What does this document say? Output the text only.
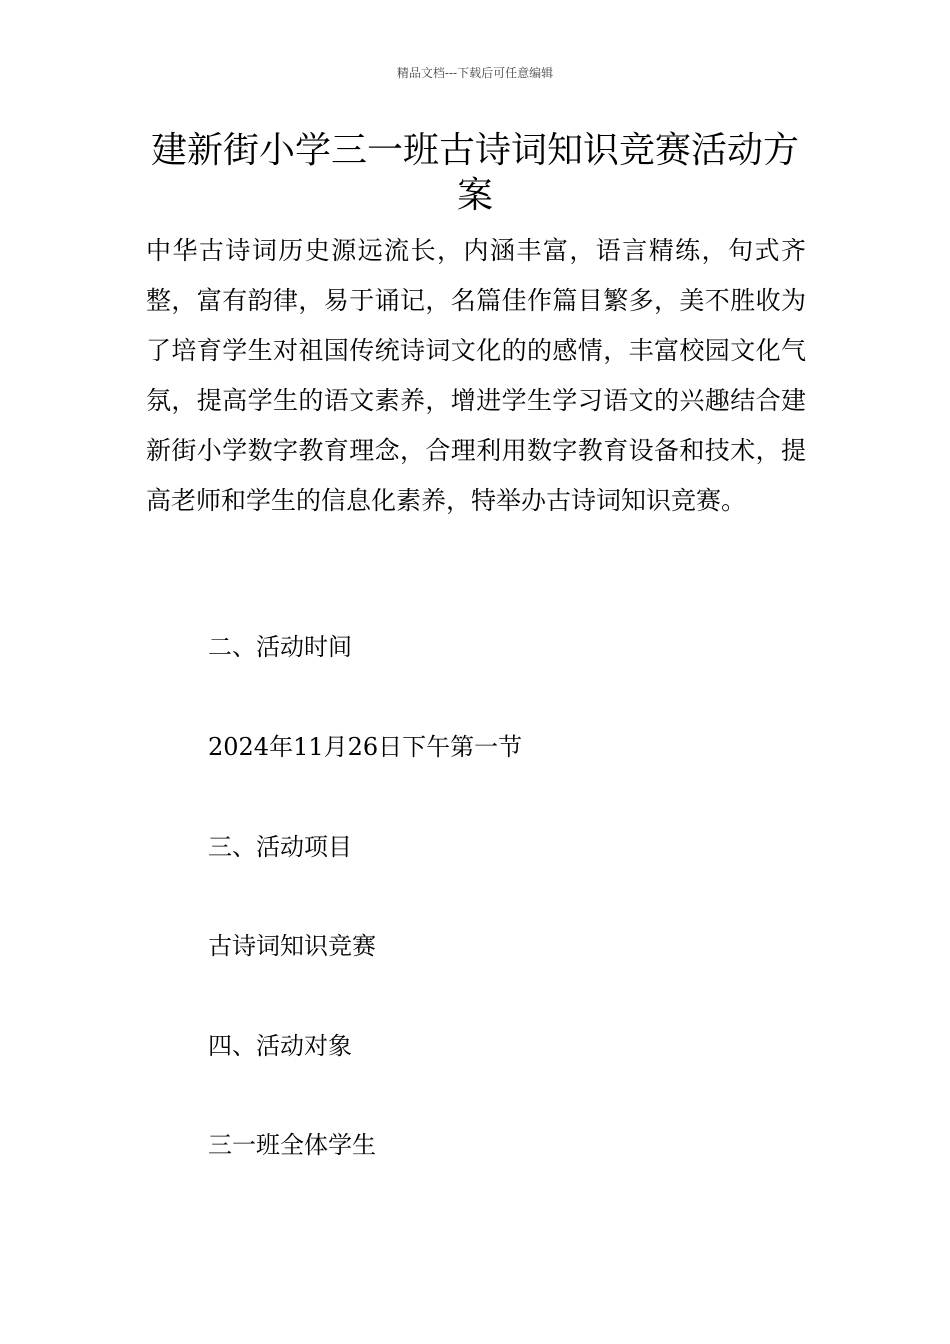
精品文档---下载后可任意编辑
建新街小学三一班古诗词知识竞赛活动方案

中华古诗词历史源远流长，内涵丰富，语言精练，句式齐整，富有韵律，易于诵记，名篇佳作篇目繁多，美不胜收为了培育学生对祖国传统诗词文化的的感情，丰富校园文化气氛，提高学生的语文素养，增进学生学习语文的兴趣结合建新街小学数字教育理念，合理利用数字教育设备和技术，提高老师和学生的信息化素养，特举办古诗词知识竞赛。

二、活动时间

2024年11月26日下午第一节

三、活动项目

古诗词知识竞赛

四、活动对象

三一班全体学生
